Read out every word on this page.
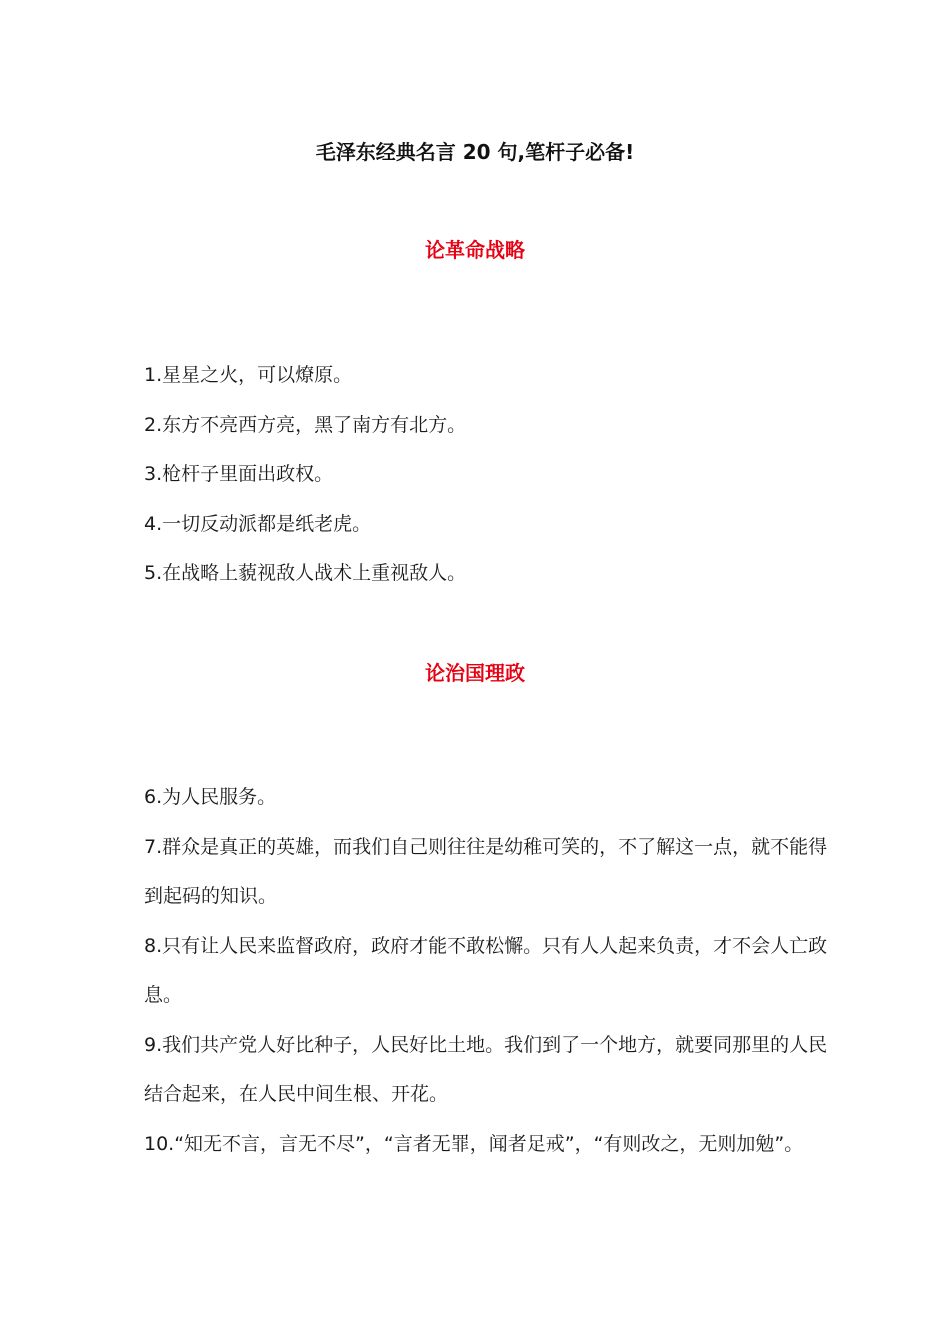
毛泽东经典名言 20 句,笔杆子必备!
论革命战略
1.星星之火，可以燎原。
2.东方不亮西方亮，黑了南方有北方。
3.枪杆子里面出政权。
4.一切反动派都是纸老虎。
5.在战略上藐视敌人战术上重视敌人。
论治国理政
6.为人民服务。
7.群众是真正的英雄，而我们自己则往往是幼稚可笑的，不了解这一点，就不能得到起码的知识。
8.只有让人民来监督政府，政府才能不敢松懈。只有人人起来负责，才不会人亡政息。
9.我们共产党人好比种子，人民好比土地。我们到了一个地方，就要同那里的人民结合起来，在人民中间生根、开花。
10.“知无不言，言无不尽”，“言者无罪，闻者足戒”，“有则改之，无则加勉”。
